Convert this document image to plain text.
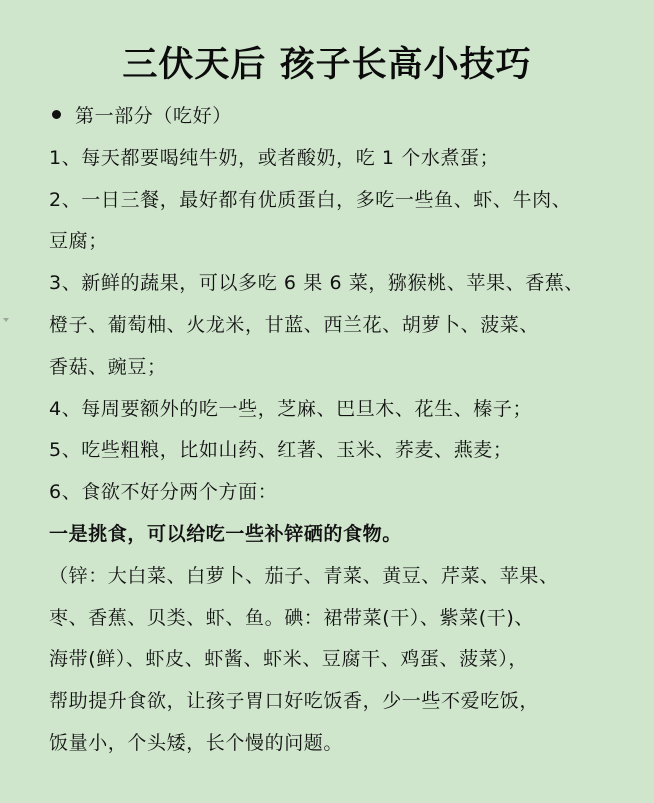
三伏天后 孩子长高小技巧
第一部分（吃好）
1、每天都要喝纯牛奶，或者酸奶，吃 1 个水煮蛋；
2、一日三餐，最好都有优质蛋白，多吃一些鱼、虾、牛肉、
豆腐；
3、新鲜的蔬果，可以多吃 6 果 6 菜，猕猴桃、苹果、香蕉、
橙子、葡萄柚、火龙米，甘蓝、西兰花、胡萝卜、菠菜、
香菇、豌豆；
4、每周要额外的吃一些，芝麻、巴旦木、花生、榛子；
5、吃些粗粮，比如山药、红著、玉米、荞麦、燕麦；
6、食欲不好分两个方面：
一是挑食，可以给吃一些补锌硒的食物。
（锌：大白菜、白萝卜、茄子、青菜、黄豆、芹菜、苹果、
枣、香蕉、贝类、虾、鱼。碘：裙带菜(干）、紫菜(干)、
海带(鲜）、虾皮、虾酱、虾米、豆腐干、鸡蛋、菠菜），
帮助提升食欲，让孩子胃口好吃饭香，少一些不爱吃饭，
饭量小，个头矮，长个慢的问题。
